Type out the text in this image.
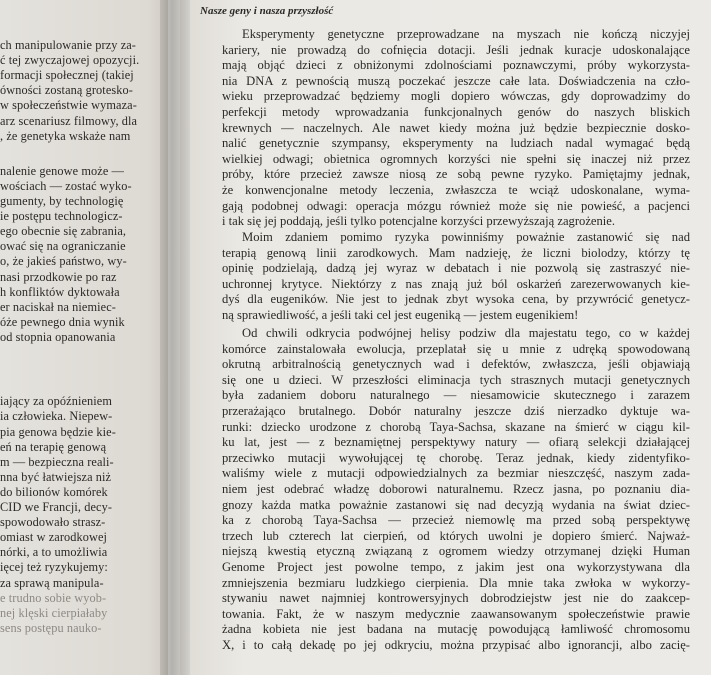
ch manipulowanie przy za-
ć tej zwyczajowej opozycji.
formacji społecznej (takiej
ówności zostaną grotesko-
w społeczeństwie wymaza-
arz scenariusz filmowy, dla
, że genetyka wskaże nam
nalenie genowe może —
wościach — zostać wyko-
gumenty, by technologię
ie postępu technologicz-
ego obecnie się zabrania,
ować się na ograniczanie
o, że jakieś państwo, wy-
nasi przodkowie po raz
h konfliktów dyktowała
er naciskał na niemiec-
óże pewnego dnia wynik
od stopnia opanowania
iający za opóźnieniem
ia człowieka. Niepew-
pia genowa będzie kie-
eń na terapię genową
m — bezpieczna reali-
nna być łatwiejsza niż
do bilionów komórek
CID we Francji, decy-
spowodowało strasz-
omiast w zarodkowej
nórki, a to umożliwia
ięcej też ryzykujemy:
za sprawą manipula-
e trudno sobie wyob-
nej klęski cierpiałaby
sens postępu nauko-
Eksperymenty genetyczne przeprowadzane na myszach nie kończą niczyjej
kariery, nie prowadzą do cofnięcia dotacji. Jeśli jednak kuracje udoskonalające
mają objąć dzieci z obniżonymi zdolnościami poznawczymi, próby wykorzysta-
nia DNA z pewnością muszą poczekać jeszcze całe lata. Doświadczenia na czło-
wieku przeprowadzać będziemy mogli dopiero wówczas, gdy doprowadzimy do
perfekcji metody wprowadzania funkcjonalnych genów do naszych bliskich
krewnych — naczelnych. Ale nawet kiedy można już będzie bezpiecznie dosko-
nalić genetycznie szympansy, eksperymenty na ludziach nadal wymagać będą
wielkiej odwagi; obietnica ogromnych korzyści nie spełni się inaczej niż przez
próby, które przecież zawsze niosą ze sobą pewne ryzyko. Pamiętajmy jednak,
że konwencjonalne metody leczenia, zwłaszcza te wciąż udoskonalane, wyma-
gają podobnej odwagi: operacja mózgu również może się nie powieść, a pacjenci
i tak się jej poddają, jeśli tylko potencjalne korzyści przewyższają zagrożenie.
Moim zdaniem pomimo ryzyka powinniśmy poważnie zastanowić się nad
terapią genową linii zarodkowych. Mam nadzieję, że liczni biolodzy, którzy tę
opinię podzielają, dadzą jej wyraz w debatach i nie pozwolą się zastraszyć nie-
uchronnej krytyce. Niektórzy z nas znają już ból oskarżeń zarezerwowanych kie-
dyś dla eugeników. Nie jest to jednak zbyt wysoka cena, by przywrócić genetycz-
ną sprawiedliwość, a jeśli taki cel jest eugeniką — jestem eugenikiem!
Od chwili odkrycia podwójnej helisy podziw dla majestatu tego, co w każdej
komórce zainstalowała ewolucja, przeplatał się u mnie z udręką spowodowaną
okrutną arbitralnością genetycznych wad i defektów, zwłaszcza, jeśli objawiają
się one u dzieci. W przeszłości eliminacja tych strasznych mutacji genetycznych
była zadaniem doboru naturalnego — niesamowicie skutecznego i zarazem
przerażająco brutalnego. Dobór naturalny jeszcze dziś nierzadko dyktuje wa-
runki: dziecko urodzone z chorobą Taya-Sachsa, skazane na śmierć w ciągu kil-
ku lat, jest — z beznamiętnej perspektywy natury — ofiarą selekcji działającej
przeciwko mutacji wywołującej tę chorobę. Teraz jednak, kiedy zidentyfiko-
waliśmy wiele z mutacji odpowiedzialnych za bezmiar nieszczęść, naszym zada-
niem jest odebrać władzę doborowi naturalnemu. Rzecz jasna, po poznaniu dia-
gnozy każda matka poważnie zastanowi się nad decyzją wydania na świat dziec-
ka z chorobą Taya-Sachsa — przecież niemowlę ma przed sobą perspektywę
trzech lub czterech lat cierpień, od których uwolni je dopiero śmierć. Najważ-
niejszą kwestią etyczną związaną z ogromem wiedzy otrzymanej dzięki Human
Genome Project jest powolne tempo, z jakim jest ona wykorzystywana dla
zmniejszenia bezmiaru ludzkiego cierpienia. Dla mnie taka zwłoka w wykorzy-
stywaniu nawet najmniej kontrowersyjnych dobrodziejstw jest nie do zaakcep-
towania. Fakt, że w naszym medycznie zaawansowanym społeczeństwie prawie
żadna kobieta nie jest badana na mutację powodującą łamliwość chromosomu
X, i to całą dekadę po jej odkryciu, można przypisać albo ignorancji, albo zacię-
Nasze geny i nasza przyszłość
